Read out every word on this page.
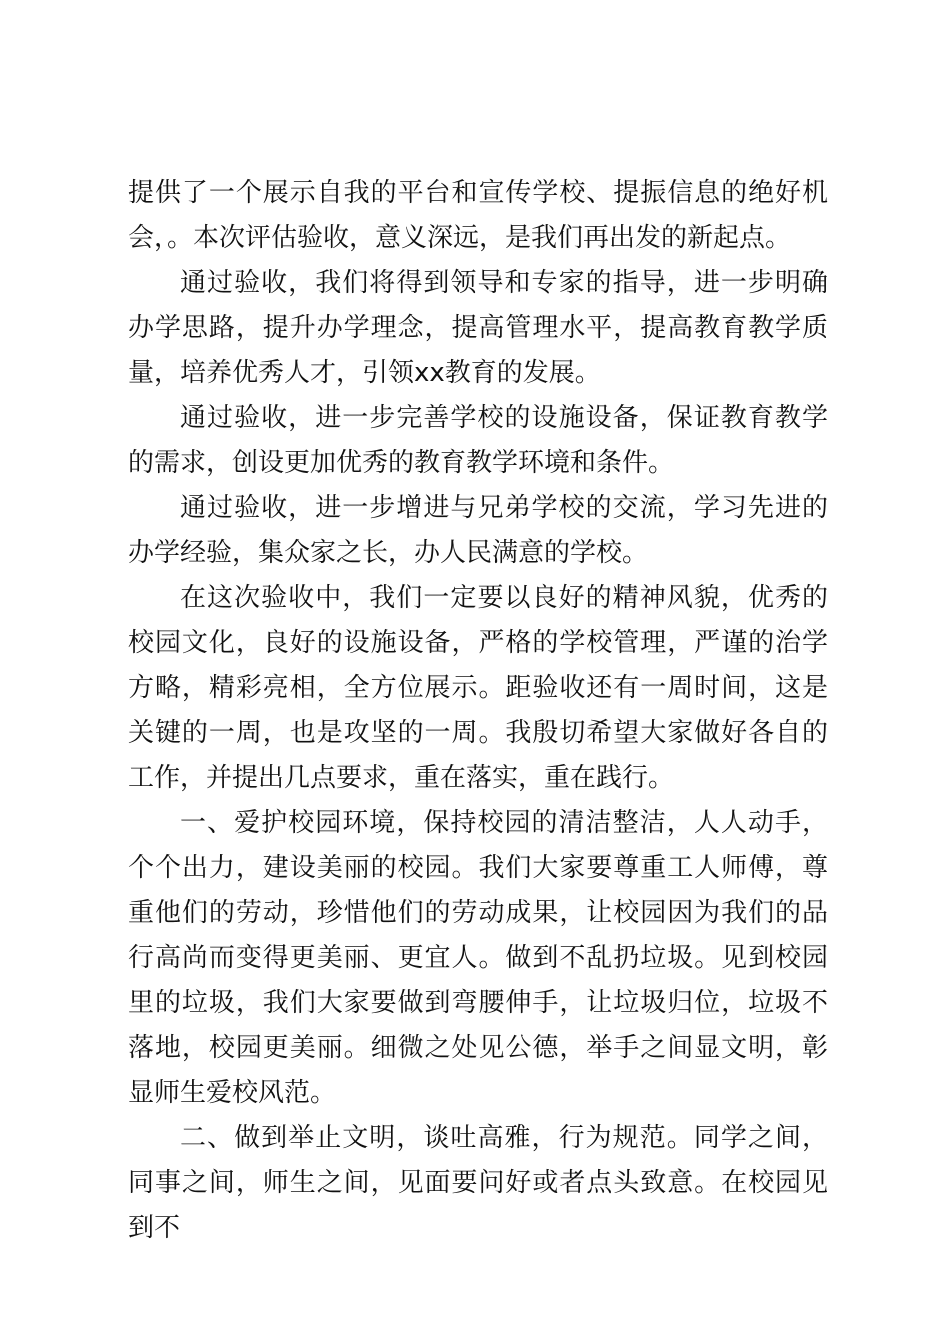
提供了一个展示自我的平台和宣传学校、提振信息的绝好机会，。本次评估验收，意义深远，是我们再出发的新起点。

通过验收，我们将得到领导和专家的指导，进一步明确办学思路，提升办学理念，提高管理水平，提高教育教学质量，培养优秀人才，引领xx教育的发展。

通过验收，进一步完善学校的设施设备，保证教育教学的需求，创设更加优秀的教育教学环境和条件。

通过验收，进一步增进与兄弟学校的交流，学习先进的办学经验，集众家之长，办人民满意的学校。

在这次验收中，我们一定要以良好的精神风貌，优秀的校园文化，良好的设施设备，严格的学校管理，严谨的治学方略，精彩亮相，全方位展示。距验收还有一周时间，这是关键的一周，也是攻坚的一周。我殷切希望大家做好各自的工作，并提出几点要求，重在落实，重在践行。

一、爱护校园环境，保持校园的清洁整洁，人人动手，个个出力，建设美丽的校园。我们大家要尊重工人师傅，尊重他们的劳动，珍惜他们的劳动成果，让校园因为我们的品行高尚而变得更美丽、更宜人。做到不乱扔垃圾。见到校园里的垃圾，我们大家要做到弯腰伸手，让垃圾归位，垃圾不落地，校园更美丽。细微之处见公德，举手之间显文明，彰显师生爱校风范。

二、做到举止文明，谈吐高雅，行为规范。同学之间，同事之间，师生之间，见面要问好或者点头致意。在校园见到不
